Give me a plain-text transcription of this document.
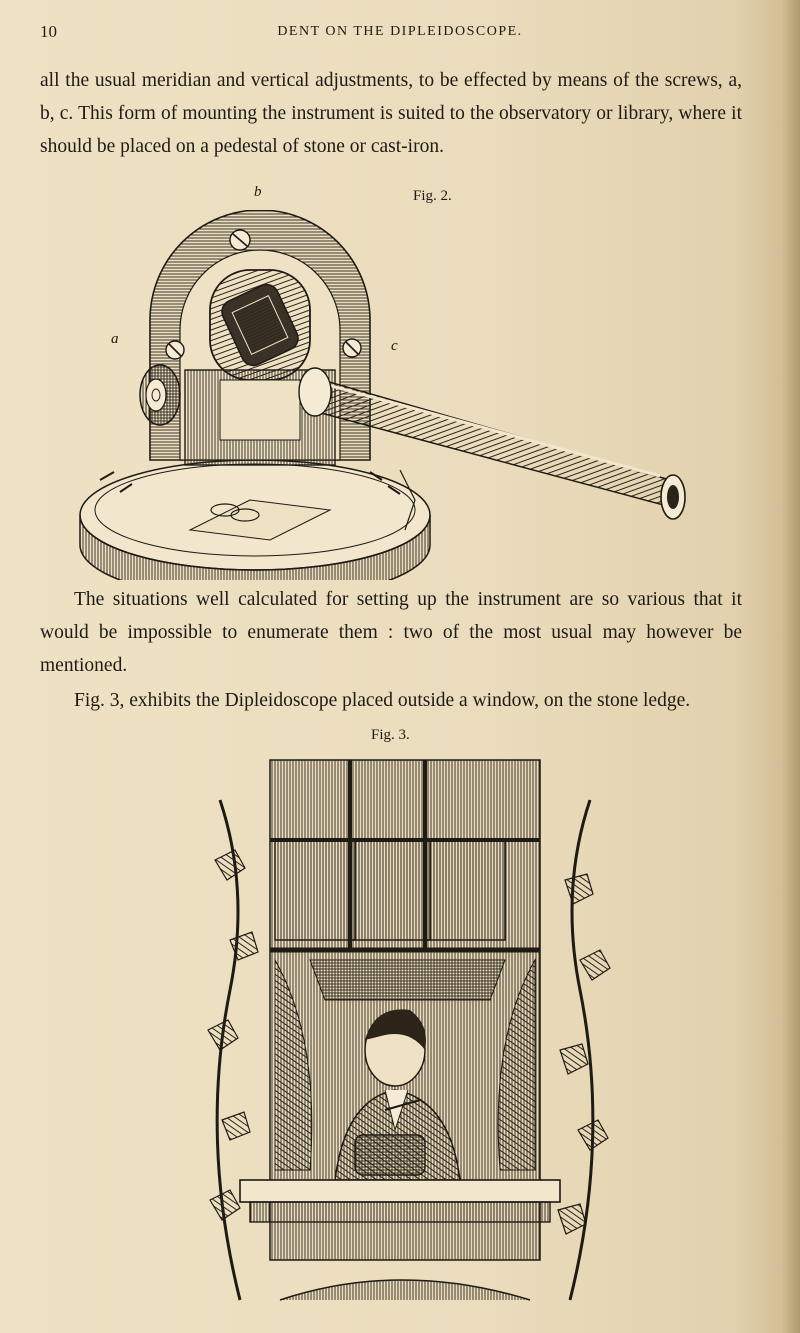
10	DENT ON THE DIPLEIDOSCOPE.

all the usual meridian and vertical adjustments, to be effected by means of the screws, a, b, c. This form of mounting the instrument is suited to the observatory or library, where it should be placed on a pedestal of stone or cast-iron.

b	Fig. 2.
a	c

The situations well calculated for setting up the instrument are so various that it would be impossible to enumerate them : two of the most usual may however be mentioned.

Fig. 3, exhibits the Dipleidoscope placed outside a window, on the stone ledge.

Fig. 3.
